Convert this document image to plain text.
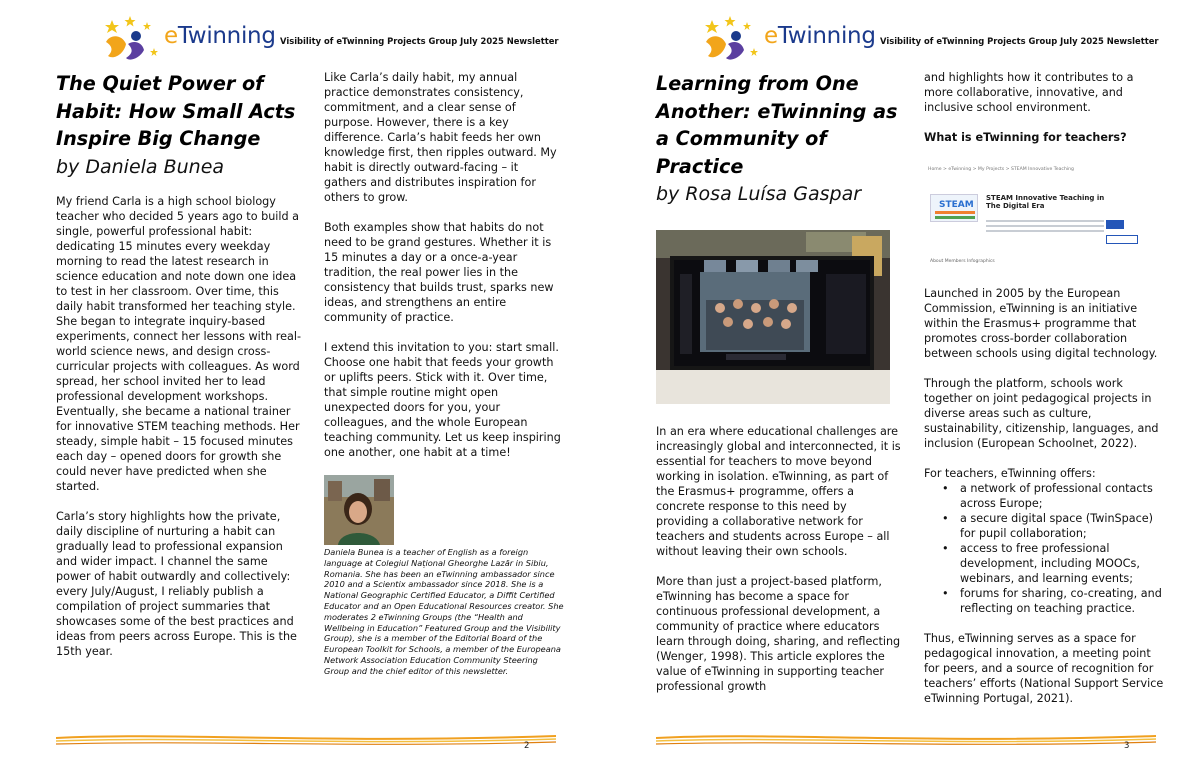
eTwinning Visibility of eTwinning Projects Group July 2025 Newsletter
The Quiet Power of Habit: How Small Acts Inspire Big Change
by Daniela Bunea

My friend Carla is a high school biology teacher who decided 5 years ago to build a single, powerful professional habit: dedicating 15 minutes every weekday morning to read the latest research in science education and note down one idea to test in her classroom. Over time, this daily habit transformed her teaching style. She began to integrate inquiry-based experiments, connect her lessons with real-world science news, and design cross-curricular projects with colleagues. As word spread, her school invited her to lead professional development workshops. Eventually, she became a national trainer for innovative STEM teaching methods. Her steady, simple habit – 15 focused minutes each day – opened doors for growth she could never have predicted when she started.

Carla’s story highlights how the private, daily discipline of nurturing a habit can gradually lead to professional expansion and wider impact. I channel the same power of habit outwardly and collectively: every July/August, I reliably publish a compilation of project summaries that showcases some of the best practices and ideas from peers across Europe. This is the 15th year.

Like Carla’s daily habit, my annual practice demonstrates consistency, commitment, and a clear sense of purpose. However, there is a key difference. Carla’s habit feeds her own knowledge first, then ripples outward. My habit is directly outward-facing – it gathers and distributes inspiration for others to grow.

Both examples show that habits do not need to be grand gestures. Whether it is 15 minutes a day or a once-a-year tradition, the real power lies in the consistency that builds trust, sparks new ideas, and strengthens an entire community of practice.

I extend this invitation to you: start small. Choose one habit that feeds your growth or uplifts peers. Stick with it. Over time, that simple routine might open unexpected doors for you, your colleagues, and the whole European teaching community. Let us keep inspiring one another, one habit at a time!

Daniela Bunea is a teacher of English as a foreign language at Colegiul Național Gheorghe Lazăr in Sibiu, Romania. She has been an eTwinning ambassador since 2010 and a Scientix ambassador since 2018. She is a National Geographic Certified Educator, a Diffit Certified Educator and an Open Educational Resources creator. She moderates 2 eTwinning Groups (the “Health and Wellbeing in Education” Featured Group and the Visibility Group), she is a member of the Editorial Board of the European Toolkit for Schools, a member of the Europeana Network Association Education Community Steering Group and the chief editor of this newsletter.
2
eTwinning Visibility of eTwinning Projects Group July 2025 Newsletter
Learning from One Another: eTwinning as a Community of Practice
by Rosa Luísa Gaspar

In an era where educational challenges are increasingly global and interconnected, it is essential for teachers to move beyond working in isolation. eTwinning, as part of the Erasmus+ programme, offers a concrete response to this need by providing a collaborative network for teachers and students across Europe – all without leaving their own schools.

More than just a project-based platform, eTwinning has become a space for continuous professional development, a community of practice where educators learn through doing, sharing, and reflecting (Wenger, 1998). This article explores the value of eTwinning in supporting teacher professional growth

and highlights how it contributes to a more collaborative, innovative, and inclusive school environment.

What is eTwinning for teachers?
Home > eTwinning > My Projects > STEAM Innovative Teaching
STEAM
STEAM Innovative Teaching in The Digital Era
About Members Infographics

Launched in 2005 by the European Commission, eTwinning is an initiative within the Erasmus+ programme that promotes cross-border collaboration between schools using digital technology.

Through the platform, schools work together on joint pedagogical projects in diverse areas such as culture, sustainability, citizenship, languages, and inclusion (European Schoolnet, 2022).

For teachers, eTwinning offers:

• a network of professional contacts across Europe;
• a secure digital space (TwinSpace) for pupil collaboration;
• access to free professional development, including MOOCs, webinars, and learning events;
• forums for sharing, co-creating, and reflecting on teaching practice.

Thus, eTwinning serves as a space for pedagogical innovation, a meeting point for peers, and a source of recognition for teachers’ efforts (National Support Service eTwinning Portugal, 2021).

3
